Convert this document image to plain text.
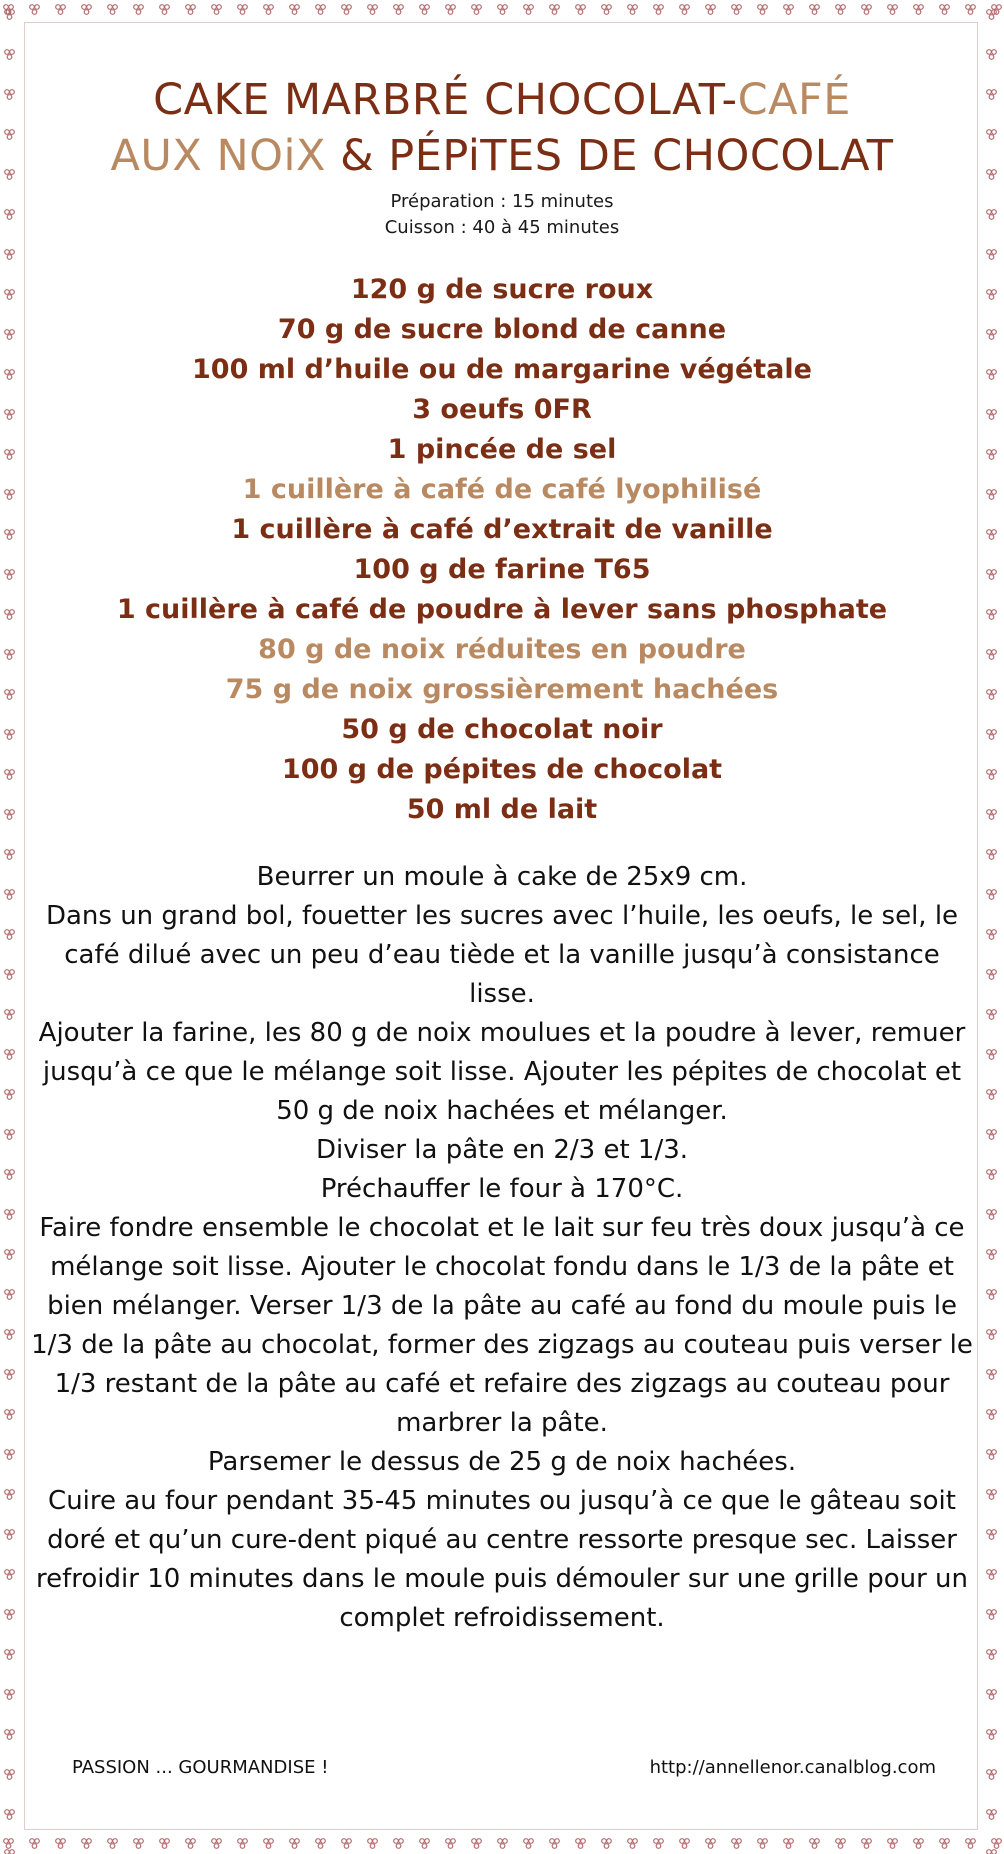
CAKE MARBRÉ CHOCOLAT-CAFÉ
AUX NOiX & PÉPiTES DE CHOCOLAT
Préparation : 15 minutes
Cuisson : 40 à 45 minutes
120 g de sucre roux
70 g de sucre blond de canne
100 ml d’huile ou de margarine végétale
3 oeufs 0FR
1 pincée de sel
1 cuillère à café de café lyophilisé
1 cuillère à café d’extrait de vanille
100 g de farine T65
1 cuillère à café de poudre à lever sans phosphate
80 g de noix réduites en poudre
75 g de noix grossièrement hachées
50 g de chocolat noir
100 g de pépites de chocolat
50 ml de lait

Beurrer un moule à cake de 25x9 cm.

Dans un grand bol, fouetter les sucres avec l’huile, les oeufs, le sel, le café dilué avec un peu d’eau tiède et la vanille jusqu’à consistance lisse.

Ajouter la farine, les 80 g de noix moulues et la poudre à lever, remuer jusqu’à ce que le mélange soit lisse. Ajouter les pépites de chocolat et 50 g de noix hachées et mélanger.

Diviser la pâte en 2/3 et 1/3.

Préchauffer le four à 170°C.

Faire fondre ensemble le chocolat et le lait sur feu très doux jusqu’à ce mélange soit lisse. Ajouter le chocolat fondu dans le 1/3 de la pâte et bien mélanger. Verser 1/3 de la pâte au café au fond du moule puis le 1/3 de la pâte au chocolat, former des zigzags au couteau puis verser le 1/3 restant de la pâte au café et refaire des zigzags au couteau pour marbrer la pâte.

Parsemer le dessus de 25 g de noix hachées.

Cuire au four pendant 35-45 minutes ou jusqu’à ce que le gâteau soit doré et qu’un cure-dent piqué au centre ressorte presque sec. Laisser refroidir 10 minutes dans le moule puis démouler sur une grille pour un complet refroidissement.

PASSION ... GOURMANDISE !	http://annellenor.canalblog.com
